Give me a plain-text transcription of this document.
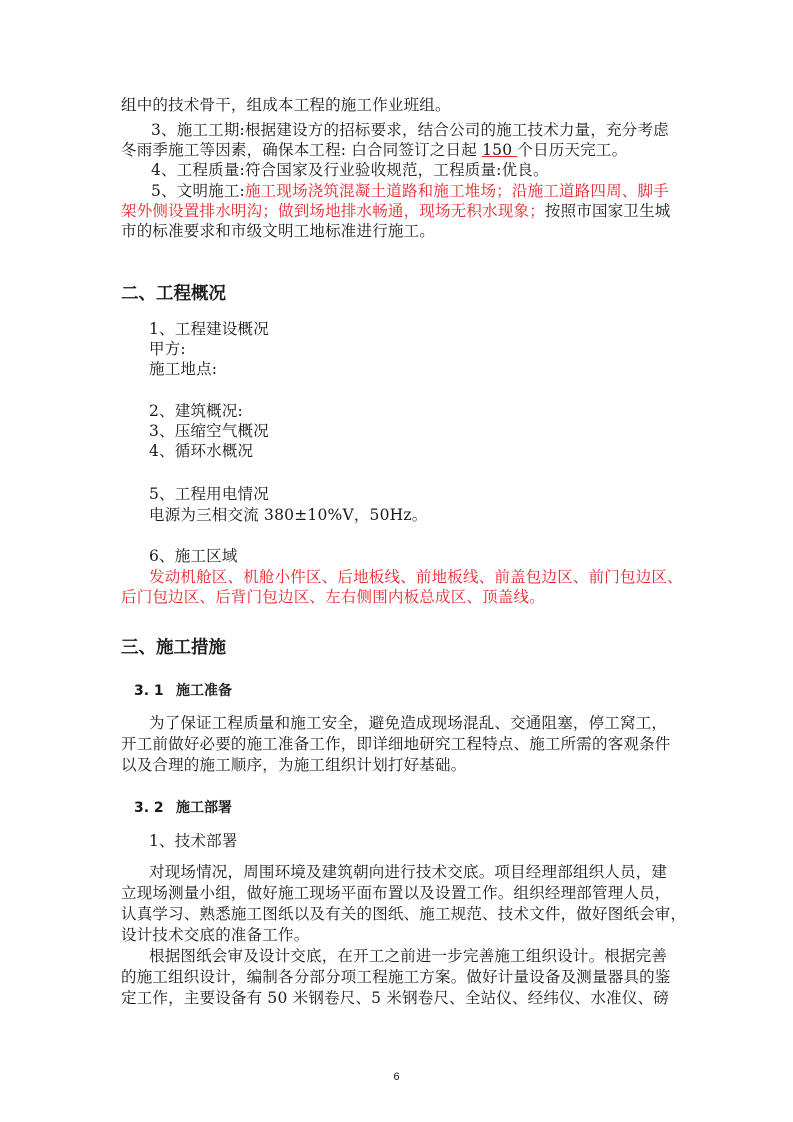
组中的技术骨干，组成本工程的施工作业班组。
3、施工工期:根据建设方的招标要求，结合公司的施工技术力量，充分考虑
冬雨季施工等因素，确保本工程: 白合同签订之日起 150 个日历天完工。
4、工程质量:符合国家及行业验收规范，工程质量:优良。
5、文明施工:施工现场浇筑混凝土道路和施工堆场；沿施工道路四周、脚手
架外侧设置排水明沟；做到场地排水畅通，现场无积水现象；按照市国家卫生城
市的标准要求和市级文明工地标准进行施工。
二、工程概况
1、工程建设概况
甲方:
施工地点:
2、建筑概况:
3、压缩空气概况
4、循环水概况
5、工程用电情况
电源为三相交流 380±10%V，50Hz。
6、施工区域
发动机舱区、机舱小件区、后地板线、前地板线、前盖包边区、前门包边区、
后门包边区、后背门包边区、左右侧围内板总成区、顶盖线。
三、施工措施
3. 1 施工准备
为了保证工程质量和施工安全，避免造成现场混乱、交通阻塞，停工窝工，
开工前做好必要的施工准备工作，即详细地研究工程特点、施工所需的客观条件
以及合理的施工顺序，为施工组织计划打好基础。
3. 2 施工部署
1、技术部署
对现场情况，周围环境及建筑朝向进行技术交底。项目经理部组织人员，建
立现场测量小组，做好施工现场平面布置以及设置工作。组织经理部管理人员，
认真学习、熟悉施工图纸以及有关的图纸、施工规范、技术文件，做好图纸会审，
设计技术交底的准备工作。
根据图纸会审及设计交底，在开工之前进一步完善施工组织设计。根据完善
的施工组织设计，编制各分部分项工程施工方案。做好计量设备及测量器具的鉴
定工作，主要设备有 50 米钢卷尺、5 米钢卷尺、全站仪、经纬仪、水准仪、磅
6
